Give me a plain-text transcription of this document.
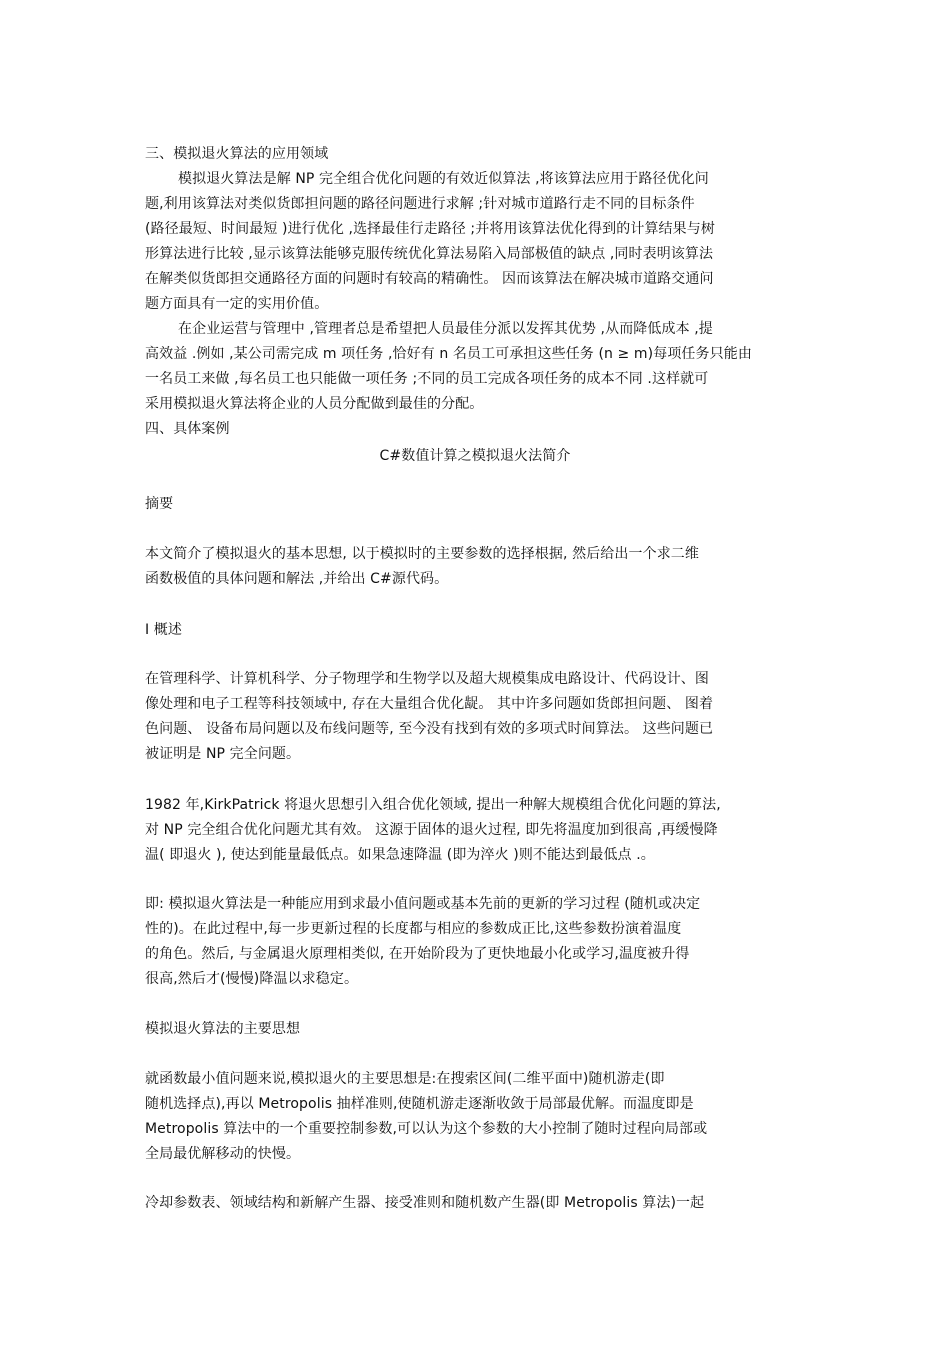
三、模拟退火算法的应用领域

模拟退火算法是解 NP 完全组合优化问题的有效近似算法 ,将该算法应用于路径优化问

题,利用该算法对类似货郎担问题的路径问题进行求解 ;针对城市道路行走不同的目标条件

(路径最短、时间最短 )进行优化 ,选择最佳行走路径 ;并将用该算法优化得到的计算结果与树

形算法进行比较 ,显示该算法能够克服传统优化算法易陷入局部极值的缺点 ,同时表明该算法

在解类似货郎担交通路径方面的问题时有较高的精确性。 因而该算法在解决城市道路交通问

题方面具有一定的实用价值。

在企业运营与管理中 ,管理者总是希望把人员最佳分派以发挥其优势 ,从而降低成本 ,提

高效益 .例如 ,某公司需完成 m 项任务 ,恰好有 n 名员工可承担这些任务 (n ≥ m)每项任务只能由

一名员工来做 ,每名员工也只能做一项任务 ;不同的员工完成各项任务的成本不同 .这样就可

采用模拟退火算法将企业的人员分配做到最佳的分配。

四、具体案例

C#数值计算之模拟退火法简介

摘要

本文简介了模拟退火的基本思想, 以于模拟时的主要参数的选择根据, 然后给出一个求二维

函数极值的具体问题和解法 ,并给出 C#源代码。

I 概述

在管理科学、计算机科学、分子物理学和生物学以及超大规模集成电路设计、代码设计、图

像处理和电子工程等科技领域中, 存在大量组合优化龊。 其中许多问题如货郎担问题、 图着

色问题、 设备布局问题以及布线问题等, 至今没有找到有效的多项式时间算法。 这些问题已

被证明是 NP 完全问题。

1982 年,KirkPatrick 将退火思想引入组合优化领域, 提出一种解大规模组合优化问题的算法,

对 NP 完全组合优化问题尤其有效。 这源于固体的退火过程, 即先将温度加到很高 ,再缓慢降

温( 即退火 ), 使达到能量最低点。如果急速降温 (即为淬火 )则不能达到最低点 .。

即: 模拟退火算法是一种能应用到求最小值问题或基本先前的更新的学习过程 (随机或决定

性的)。在此过程中,每一步更新过程的长度都与相应的参数成正比,这些参数扮演着温度

的角色。然后, 与金属退火原理相类似, 在开始阶段为了更快地最小化或学习,温度被升得

很高,然后才(慢慢)降温以求稳定。

模拟退火算法的主要思想

就函数最小值问题来说,模拟退火的主要思想是:在搜索区间(二维平面中)随机游走(即

随机选择点),再以 Metropolis 抽样准则,使随机游走逐渐收敛于局部最优解。而温度即是

Metropolis 算法中的一个重要控制参数,可以认为这个参数的大小控制了随时过程向局部或

全局最优解移动的快慢。

冷却参数表、领域结构和新解产生器、接受准则和随机数产生器(即 Metropolis 算法)一起
